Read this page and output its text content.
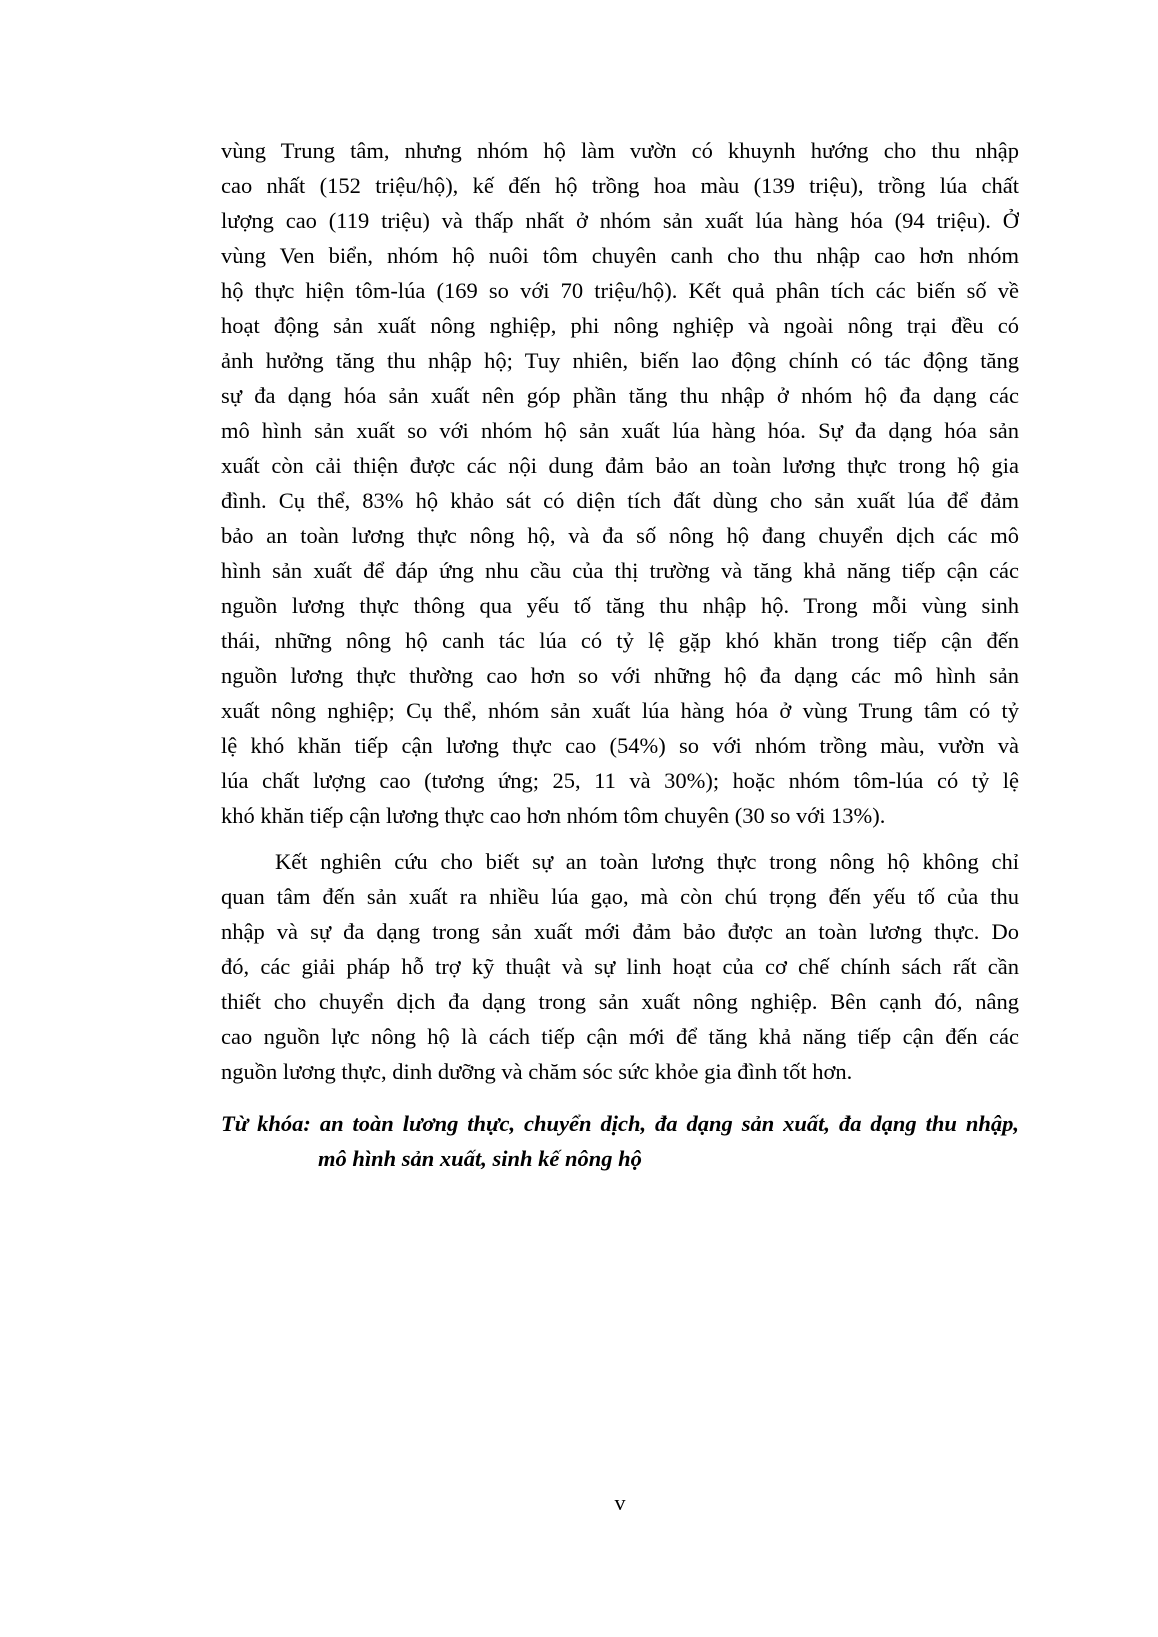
vùng Trung tâm, nhưng nhóm hộ làm vườn có khuynh hướng cho thu nhập
cao nhất (152 triệu/hộ), kế đến hộ trồng hoa màu (139 triệu), trồng lúa chất
lượng cao (119 triệu) và thấp nhất ở nhóm sản xuất lúa hàng hóa (94 triệu). Ở
vùng Ven biển, nhóm hộ nuôi tôm chuyên canh cho thu nhập cao hơn nhóm
hộ thực hiện tôm-lúa (169 so với 70 triệu/hộ). Kết quả phân tích các biến số về
hoạt động sản xuất nông nghiệp, phi nông nghiệp và ngoài nông trại đều có
ảnh hưởng tăng thu nhập hộ; Tuy nhiên, biến lao động chính có tác động tăng
sự đa dạng hóa sản xuất nên góp phần tăng thu nhập ở nhóm hộ đa dạng các
mô hình sản xuất so với nhóm hộ sản xuất lúa hàng hóa. Sự đa dạng hóa sản
xuất còn cải thiện được các nội dung đảm bảo an toàn lương thực trong hộ gia
đình. Cụ thể, 83% hộ khảo sát có diện tích đất dùng cho sản xuất lúa để đảm
bảo an toàn lương thực nông hộ, và đa số nông hộ đang chuyển dịch các mô
hình sản xuất để đáp ứng nhu cầu của thị trường và tăng khả năng tiếp cận các
nguồn lương thực thông qua yếu tố tăng thu nhập hộ. Trong mỗi vùng sinh
thái, những nông hộ canh tác lúa có tỷ lệ gặp khó khăn trong tiếp cận đến
nguồn lương thực thường cao hơn so với những hộ đa dạng các mô hình sản
xuất nông nghiệp; Cụ thể, nhóm sản xuất lúa hàng hóa ở vùng Trung tâm có tỷ
lệ khó khăn tiếp cận lương thực cao (54%) so với nhóm trồng màu, vườn và
lúa chất lượng cao (tương ứng; 25, 11 và 30%); hoặc nhóm tôm-lúa có tỷ lệ
khó khăn tiếp cận lương thực cao hơn nhóm tôm chuyên (30 so với 13%).
Kết nghiên cứu cho biết sự an toàn lương thực trong nông hộ không chỉ
quan tâm đến sản xuất ra nhiều lúa gạo, mà còn chú trọng đến yếu tố của thu
nhập và sự đa dạng trong sản xuất mới đảm bảo được an toàn lương thực. Do
đó, các giải pháp hỗ trợ kỹ thuật và sự linh hoạt của cơ chế chính sách rất cần
thiết cho chuyển dịch đa dạng trong sản xuất nông nghiệp. Bên cạnh đó, nâng
cao nguồn lực nông hộ là cách tiếp cận mới để tăng khả năng tiếp cận đến các
nguồn lương thực, dinh dưỡng và chăm sóc sức khỏe gia đình tốt hơn.
Từ khóa: an toàn lương thực, chuyển dịch, đa dạng sản xuất, đa dạng thu nhập,
mô hình sản xuất, sinh kế nông hộ
v
